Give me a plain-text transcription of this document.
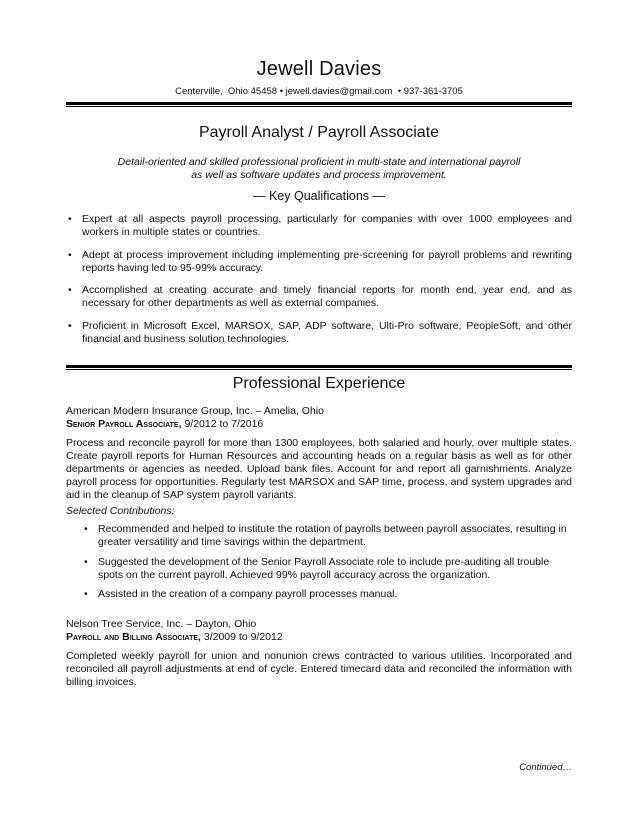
Jewell Davies
Centerville,  Ohio 45458 • jewell.davies@gmail.com • 937-361-3705
Payroll Analyst / Payroll Associate
Detail-oriented and skilled professional proficient in multi-state and international payroll
as well as software updates and process improvement.
— Key Qualifications —
• Expert at all aspects payroll processing, particularly for companies with over 1000 employees and workers in multiple states or countries.
• Adept at process improvement including implementing pre-screening for payroll problems and rewriting reports having led to 95-99% accuracy.
• Accomplished at creating accurate and timely financial reports for month end, year end, and as necessary for other departments as well as external companies.
• Proficient in Microsoft Excel, MARSOX, SAP, ADP software, Ulti-Pro software, PeopleSoft, and other financial and business solution technologies.
Professional Experience
American Modern Insurance Group, Inc. – Amelia, Ohio
Senior Payroll Associate, 9/2012 to 7/2016
Process and reconcile payroll for more than 1300 employees, both salaried and hourly, over multiple states. Create payroll reports for Human Resources and accounting heads on a regular basis as well as for other departments or agencies as needed. Upload bank files. Account for and report all garnishments. Analyze payroll process for opportunities. Regularly test MARSOX and SAP time, process, and system upgrades and aid in the cleanup of SAP system payroll variants.
Selected Contributions:
• Recommended and helped to institute the rotation of payrolls between payroll associates, resulting in greater versatility and time savings within the department.
• Suggested the development of the Senior Payroll Associate role to include pre-auditing all trouble spots on the current payroll. Achieved 99% payroll accuracy across the organization.
• Assisted in the creation of a company payroll processes manual.
Nelson Tree Service, Inc. – Dayton, Ohio
Payroll and Billing Associate, 3/2009 to 9/2012
Completed weekly payroll for union and nonunion crews contracted to various utilities. Incorporated and reconciled all payroll adjustments at end of cycle. Entered timecard data and reconciled the information with billing invoices.
Continued…
